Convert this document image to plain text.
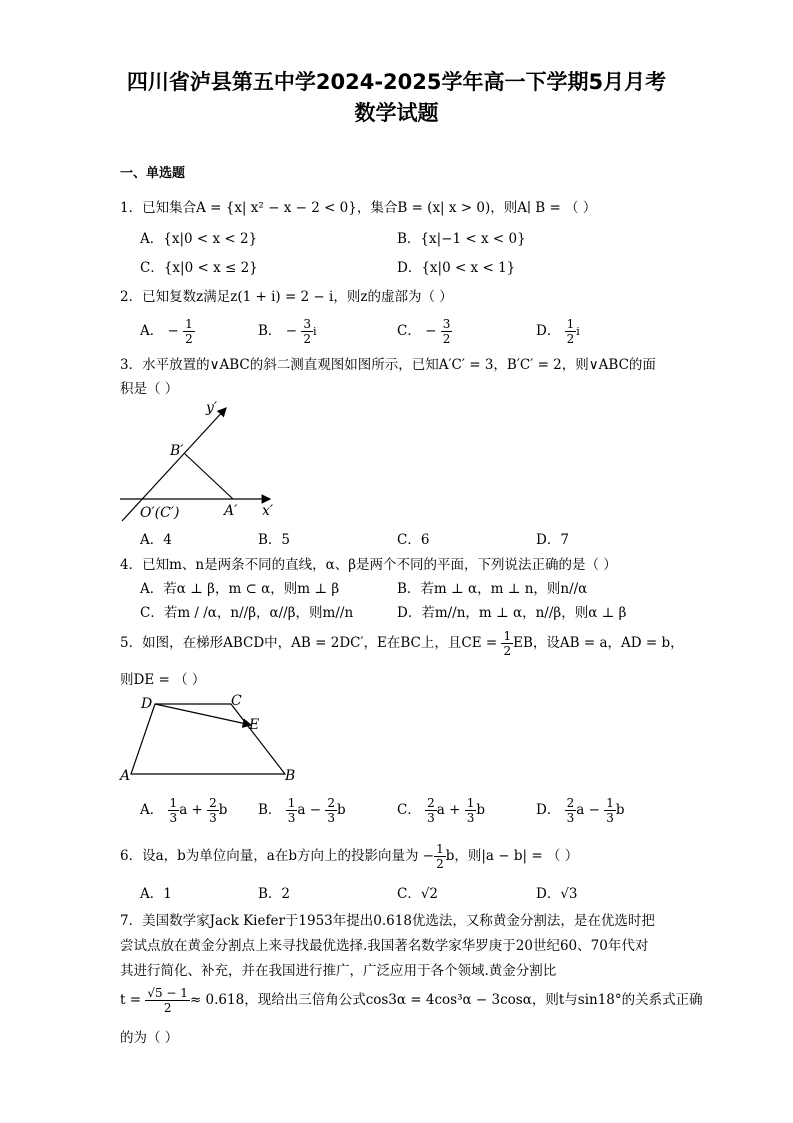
四川省泸县第五中学2024-2025学年高一下学期5月月考
数学试题
一、单选题
1．已知集合A = {x| x² − x − 2 < 0}，集合B = (x| x > 0)，则A∣ B = （ ）
A．{x|0 < x < 2}	B．{x|−1 < x < 0}
C．{x|0 < x ≤ 2}	D．{x|0 < x < 1}
2．已知复数z满足z(1 + i) = 2 − i，则z的虚部为（ ）
A． − $\frac{1}{2}$	B． − $\frac{3}{2}$ i	C． − $\frac{3}{2}$	D． $\frac{1}{2}$ i
3．水平放置的∨ABC的斜二测直观图如图所示，已知A′C′ = 3，B′C′ = 2，则∨ABC的面
积是（ ）
y′
x′
B′
O′(C′)	A′
A．4	B．5	C．6	D．7
4．已知m、n是两条不同的直线，α、β是两个不同的平面，下列说法正确的是（ ）
A．若α ⊥ β，m ⊂ α，则m ⊥ β	B．若m ⊥ α，m ⊥ n，则n//α
C．若m / /α，n//β，α//β，则m//n	D．若m//n，m ⊥ α，n//β，则α ⊥ β
5．如图，在梯形ABCD中，AB = 2DC′，E在BC上，且CE = $\frac{1}{2}$ EB，设AB = a，AD = b，
则DE = （ ）
D	C
E
A	B
A． $\frac{1}{3}$ $a + \frac{2}{3}$ b B． $\frac{1}{3}$ $a - \frac{2}{3}$ b	C． $\frac{2}{3}$ $a + \frac{1}{3}$ b	D． $\frac{2}{3}$ $a - \frac{1}{3}$ b
6．设a，b为单位向量，a在b方向上的投影向量为 − $\frac{1}{2}$ b，则|a − b| = （ ）
A．1	B．2	C．√2	D．√3
7．美国数学家Jack Kiefer于1953年提出0.618优选法，又称黄金分割法，是在优选时把
尝试点放在黄金分割点上来寻找最优选择.我国著名数学家华罗庚于20世纪60、70年代对
其进行简化、补充，并在我国进行推广，广泛应用于各个领域.黄金分割比
$t = \frac{√5 - 1}{2} \approx 0.618$，现给出三倍角公式cos3α = 4cos³α − 3cosα，则t与sin18°的关系式正确
的为（ ）
